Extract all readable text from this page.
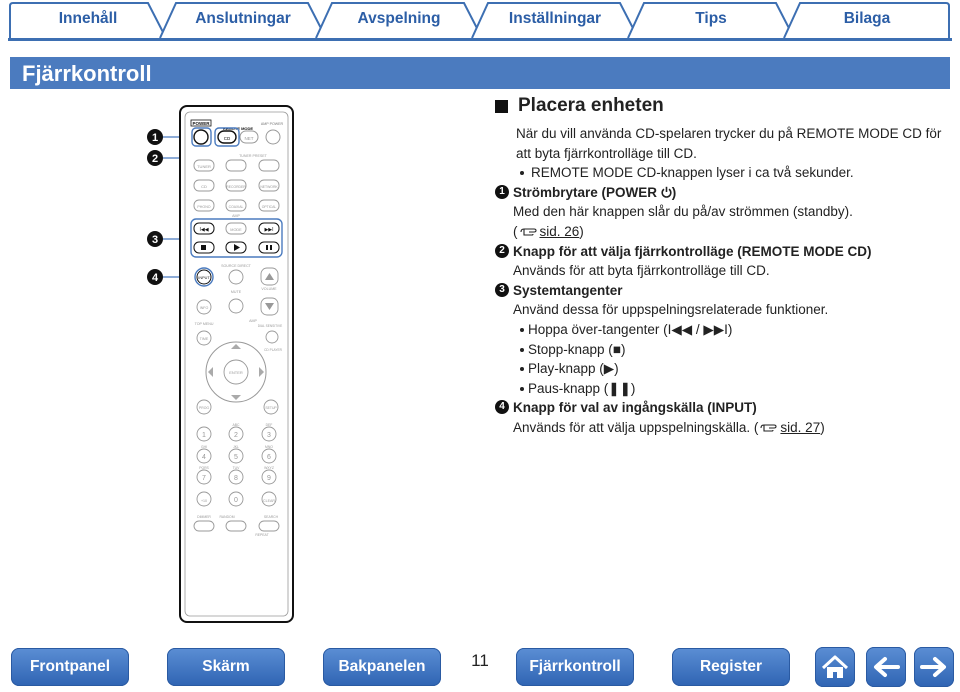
Innehåll	Anslutningar	Avspelning	Inställningar	Tips	Bilaga
Fjärrkontroll
1
2
3
4
POWER
REMOTE MODE
AMP POWER
CD	NET
TUNER PRESET
TUNER
CD	RECORDER	NETWORK
PHONO	COAXIAL	OPTICAL
AMP
I◀◀	MODE	▶▶I
SOURCE DIRECT
INPUT
VOLUME
MUTE
INFO
TOP MENU
AMP
DIAL SENSITIVE
TIME
CD PLAYER
ENTER
PROG	SETUP
ABC	DEF
1	2	3
4	5	6
7	8	9
+10	0	CLEAR
GHI	JKL	MNO
PQRS	TUV	WXYZ
DIMMER	RANDOM	SEARCH
REPEAT
Placera enheten
När du vill använda CD-spelaren trycker du på REMOTE MODE CD för att byta fjärrkontrolläge till CD.
REMOTE MODE CD-knappen lyser i ca två sekunder.
1 Strömbrytare (POWER )
Med den här knappen slår du på/av strömmen (standby).
( sid. 26)
2 Knapp för att välja fjärrkontrolläge (REMOTE MODE CD)
Används för att byta fjärrkontrolläge till CD.
3 Systemtangenter
Använd dessa för uppspelningsrelaterade funktioner.
Hoppa över-tangenter (I◀◀ / ▶▶I)
Stopp-knapp (■)
Play-knapp (▶)
Paus-knapp (❚❚)
4 Knapp för val av ingångskälla (INPUT)
Används för att välja uppspelningskälla. ( sid. 27)
Frontpanel	Skärm	Bakpanelen	11	Fjärrkontroll	Register
